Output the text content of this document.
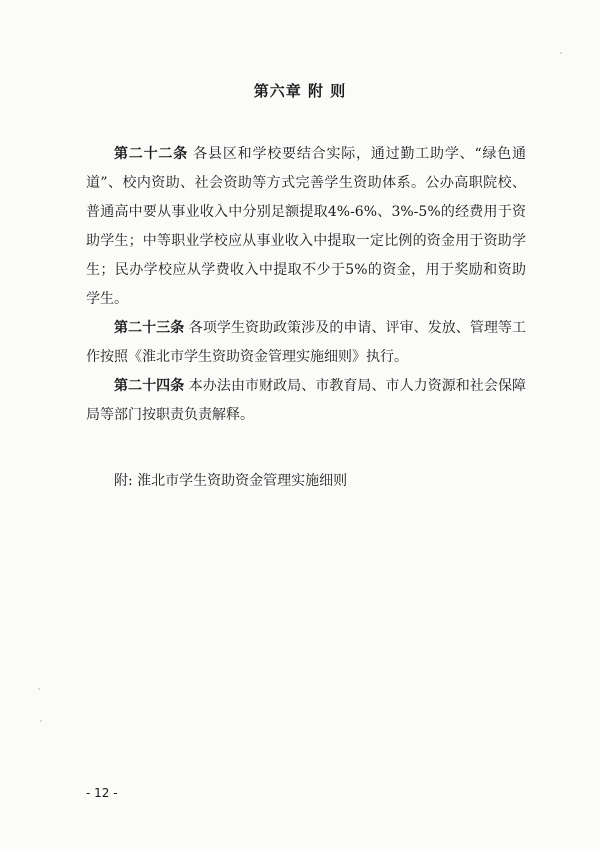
第六章 附 则

第二十二条 各县区和学校要结合实际，通过勤工助学、“绿色通道”、校内资助、社会资助等方式完善学生资助体系。公办高职院校、普通高中要从事业收入中分别足额提取4%-6%、3%-5%的经费用于资助学生；中等职业学校应从事业收入中提取一定比例的资金用于资助学生；民办学校应从学费收入中提取不少于5%的资金，用于奖励和资助学生。

第二十三条 各项学生资助政策涉及的申请、评审、发放、管理等工作按照《淮北市学生资助资金管理实施细则》执行。

第二十四条 本办法由市财政局、市教育局、市人力资源和社会保障局等部门按职责负责解释。

附: 淮北市学生资助资金管理实施细则
- 12 -
